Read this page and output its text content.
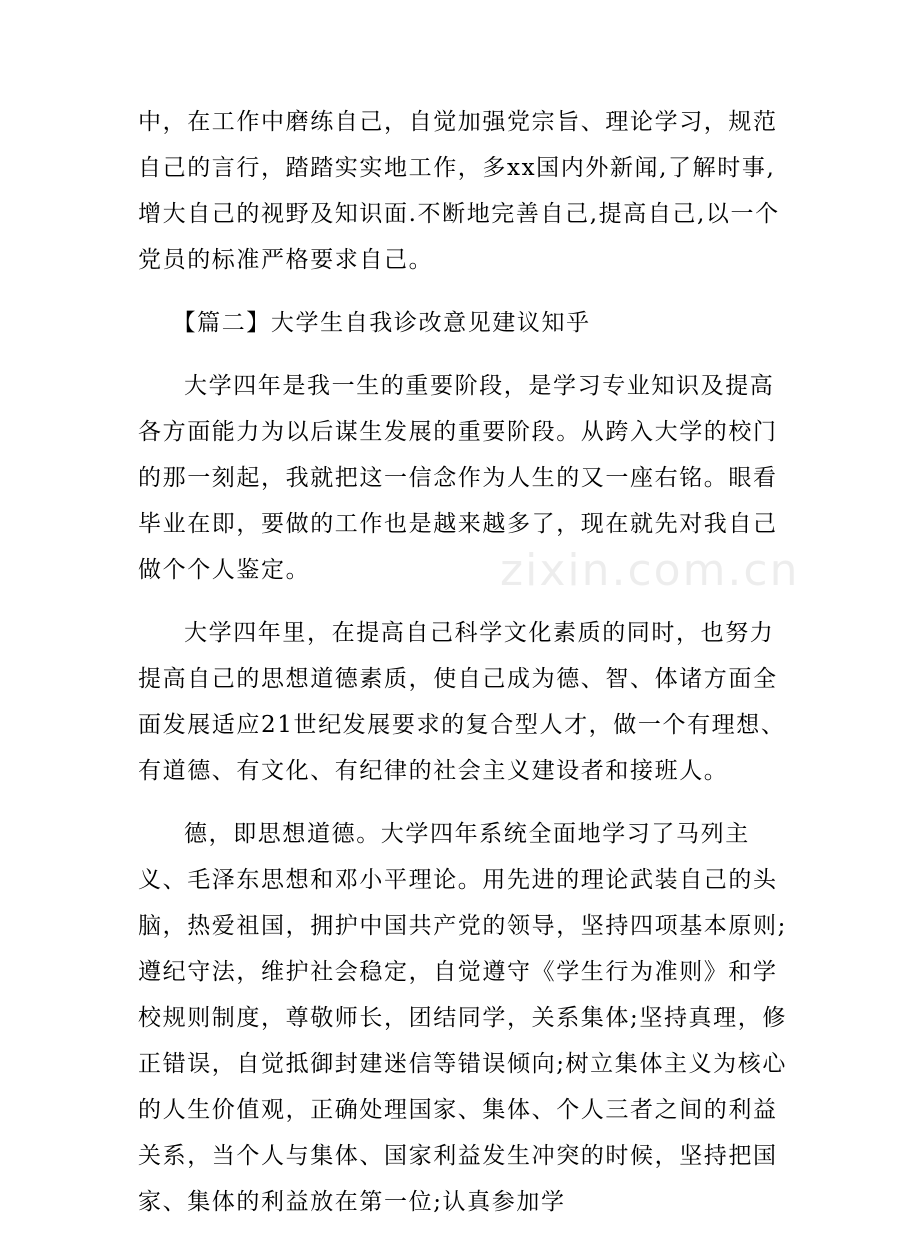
中，在工作中磨练自己，自觉加强党宗旨、理论学习，规范自己的言行，踏踏实实地工作，多xx国内外新闻,了解时事,增大自己的视野及知识面.不断地完善自己,提高自己,以一个党员的标准严格要求自己。

【篇二】大学生自我诊改意见建议知乎

大学四年是我一生的重要阶段，是学习专业知识及提高各方面能力为以后谋生发展的重要阶段。从跨入大学的校门的那一刻起，我就把这一信念作为人生的又一座右铭。眼看毕业在即，要做的工作也是越来越多了，现在就先对我自己做个个人鉴定。

大学四年里，在提高自己科学文化素质的同时，也努力提高自己的思想道德素质，使自己成为德、智、体诸方面全面发展适应21世纪发展要求的复合型人才，做一个有理想、有道德、有文化、有纪律的社会主义建设者和接班人。

德，即思想道德。大学四年系统全面地学习了马列主义、毛泽东思想和邓小平理论。用先进的理论武装自己的头脑，热爱祖国，拥护中国共产党的领导，坚持四项基本原则;遵纪守法，维护社会稳定，自觉遵守《学生行为准则》和学校规则制度，尊敬师长，团结同学，关系集体;坚持真理，修正错误，自觉抵御封建迷信等错误倾向;树立集体主义为核心的人生价值观，正确处理国家、集体、个人三者之间的利益关系，当个人与集体、国家利益发生冲突的时候，坚持把国家、集体的利益放在第一位;认真参加学

zixin.com.cn
